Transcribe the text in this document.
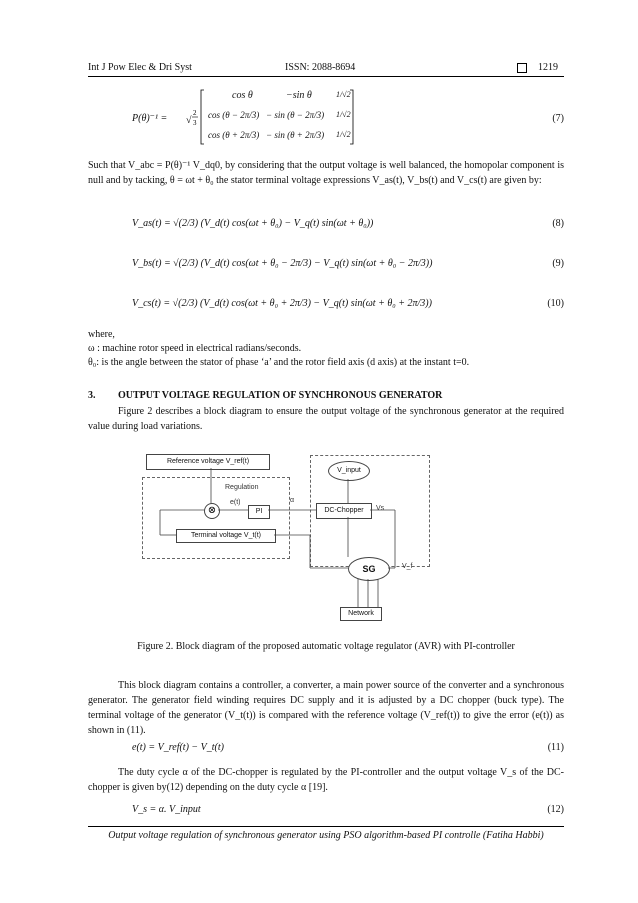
Int J Pow Elec & Dri Syst	ISSN: 2088-8694	1219
P(θ)⁻¹ = √
2
3
cos θ	−sin θ	1/√2
cos (θ − 2π/3) − sin (θ − 2π/3) 1/√2
cos (θ + 2π/3) − sin (θ + 2π/3) 1/√2
(7)
Such that V_abc = P(θ)⁻¹ V_dq0, by considering that the output voltage is well balanced, the homopolar component is null and by tacking, θ = ωt + θ₀ the stator terminal voltage expressions V_as(t), V_bs(t) and V_cs(t) are given by:
V_as(t) = √(2/3) (V_d(t) cos(ωt + θ₀) − V_q(t) sin(ωt + θ₀))	(8)
V_bs(t) = √(2/3) (V_d(t) cos(ωt + θ₀ − 2π/3) − V_q(t) sin(ωt + θ₀ − 2π/3))	(9)
V_cs(t) = √(2/3) (V_d(t) cos(ωt + θ₀ + 2π/3) − V_q(t) sin(ωt + θ₀ + 2π/3))	(10)
where,
ω : machine rotor speed in electrical radians/seconds.
θ₀: is the angle between the stator of phase ‘a’ and the rotor field axis (d axis) at the instant t=0.
3. OUTPUT VOLTAGE REGULATION OF SYNCHRONOUS GENERATOR
Figure 2 describes a block diagram to ensure the output voltage of the synchronous generator at the required value during load variations.
Reference voltage V_ref(t)
Regulation
⊗
e(t)
PI
α
V_input
DC-Chopper	Vs
Terminal voltage V_t(t)
SG	V_f
Network
Figure 2. Block diagram of the proposed automatic voltage regulator (AVR) with PI-controller
This block diagram contains a controller, a converter, a main power source of the converter and a synchronous generator. The generator field winding requires DC supply and it is adjusted by a DC chopper (buck type). The terminal voltage of the generator (V_t(t)) is compared with the reference voltage (V_ref(t)) to give the error (e(t)) as shown in (11).
e(t) = V_ref(t) − V_t(t)	(11)
The duty cycle α of the DC-chopper is regulated by the PI-controller and the output voltage V_s of the DC-chopper is given by(12) depending on the duty cycle α [19].
V_s = α. V_input	(12)
Output voltage regulation of synchronous generator using PSO algorithm-based PI controlle (Fatiha Habbi)
